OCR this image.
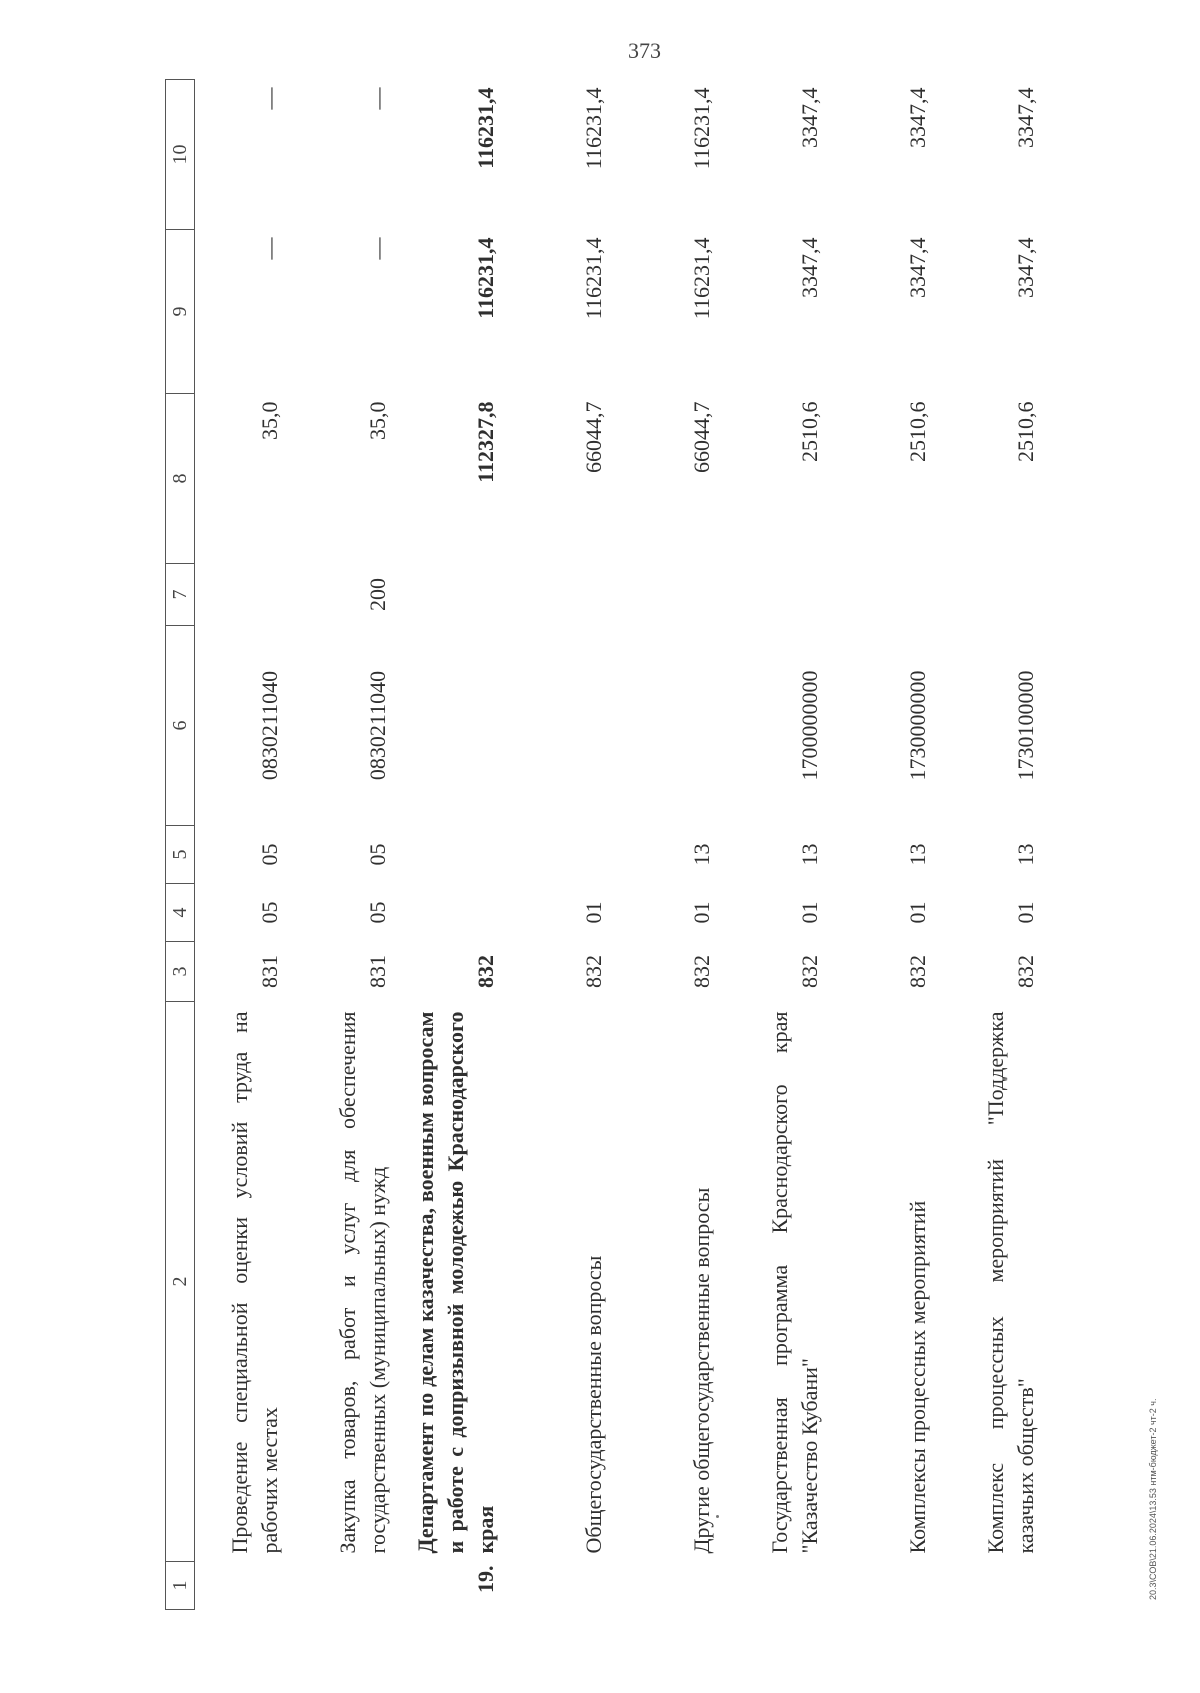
373
1	2	3	4	5	6	7	8	9	10
	Проведение специальной оценки условий труда на рабочих местах	831	05	05	0830211040		35,0	—	—
	Закупка товаров, работ и услуг для обеспечения государственных (муниципальных) нужд	831	05	05	0830211040	200	35,0	—	—
19.	Департамент по делам казачества, военным вопросам и работе с допризывной молодежью Краснодарского края	832					112327,8	116231,4	116231,4
	Общегосударственные вопросы	832	01				66044,7	116231,4	116231,4
	Другие общегосударственные вопросы	832	01	13			66044,7	116231,4	116231,4
	Государственная программа Краснодарского края "Казачество Кубани"	832	01	13	1700000000		2510,6	3347,4	3347,4
	Комплексы процессных мероприятий	832	01	13	1730000000		2510,6	3347,4	3347,4
	Комплекс процессных мероприятий "Поддержка казачьих обществ"	832	01	13	1730100000		2510,6	3347,4	3347,4
20.3\СОВ\21.06.2024\13.53 нтм-бюджет-2 чт-2 ч.
